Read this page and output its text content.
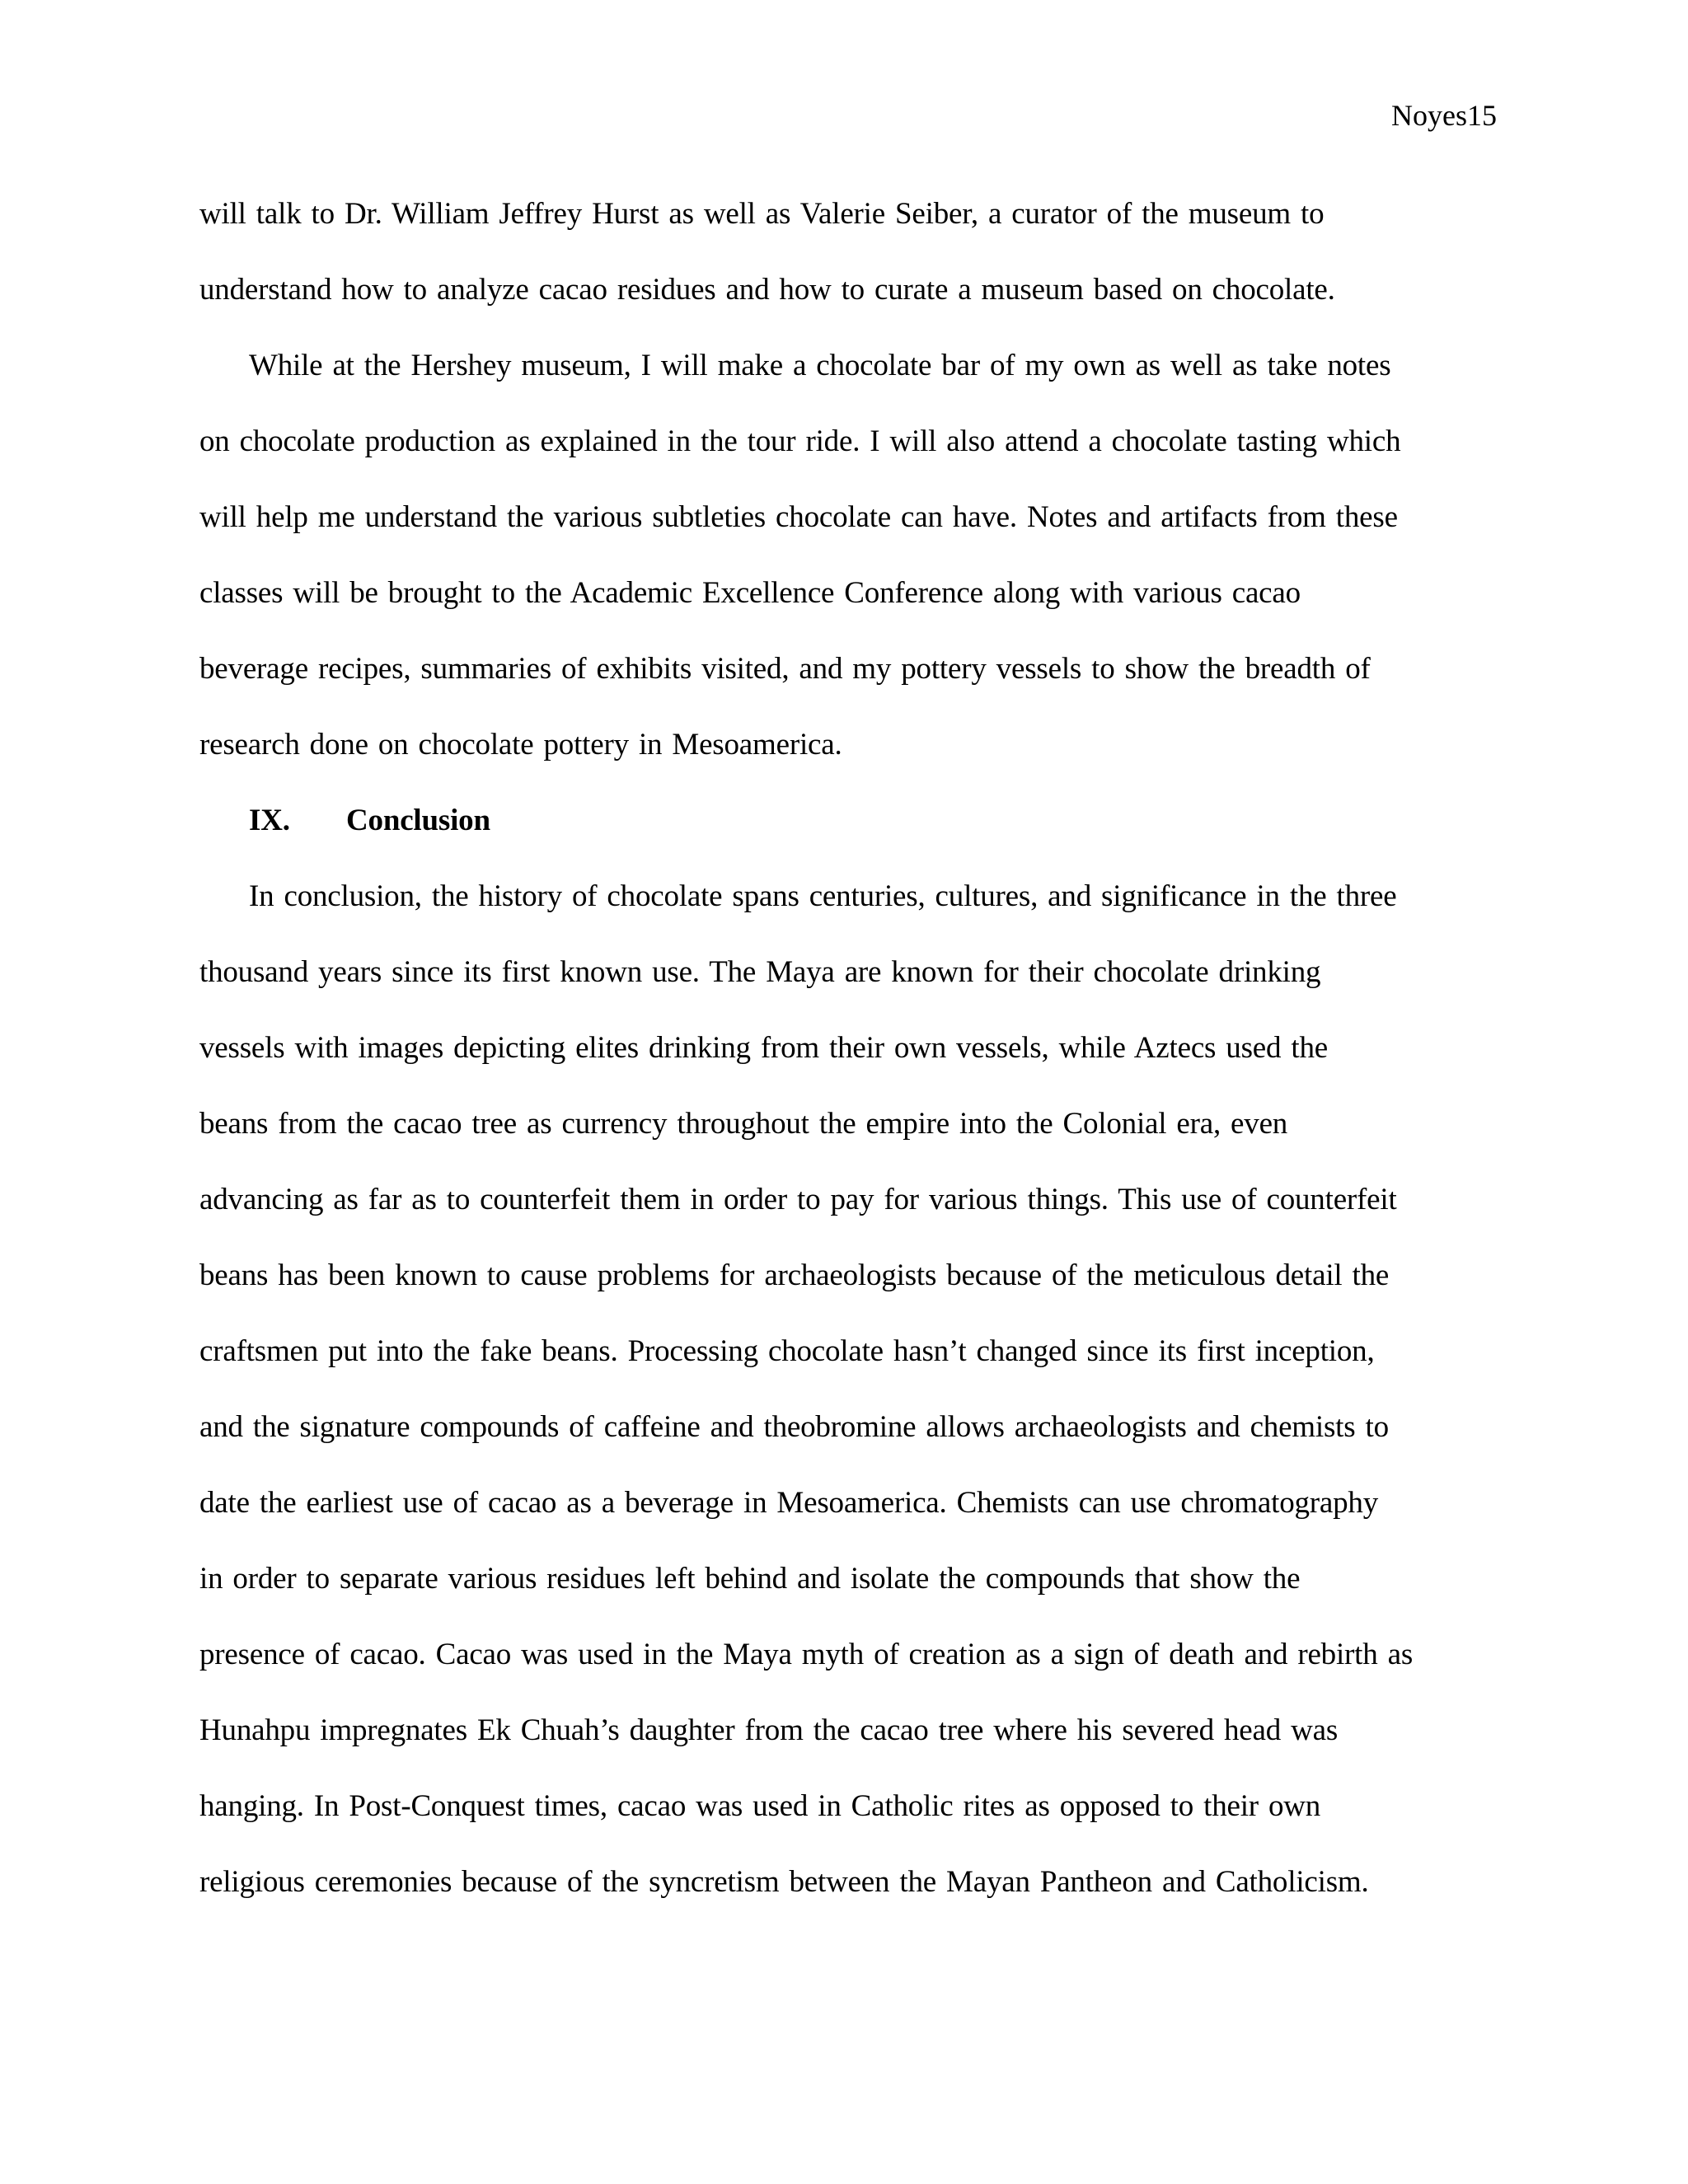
Noyes15
will talk to Dr. William Jeffrey Hurst as well as Valerie Seiber, a curator of the museum to
understand how to analyze cacao residues and how to curate a museum based on chocolate.
While at the Hershey museum, I will make a chocolate bar of my own as well as take notes
on chocolate production as explained in the tour ride. I will also attend a chocolate tasting which
will help me understand the various subtleties chocolate can have. Notes and artifacts from these
classes will be brought to the Academic Excellence Conference along with various cacao
beverage recipes, summaries of exhibits visited, and my pottery vessels to show the breadth of
research done on chocolate pottery in Mesoamerica.
IX. Conclusion
In conclusion, the history of chocolate spans centuries, cultures, and significance in the three
thousand years since its first known use. The Maya are known for their chocolate drinking
vessels with images depicting elites drinking from their own vessels, while Aztecs used the
beans from the cacao tree as currency throughout the empire into the Colonial era, even
advancing as far as to counterfeit them in order to pay for various things. This use of counterfeit
beans has been known to cause problems for archaeologists because of the meticulous detail the
craftsmen put into the fake beans. Processing chocolate hasn’t changed since its first inception,
and the signature compounds of caffeine and theobromine allows archaeologists and chemists to
date the earliest use of cacao as a beverage in Mesoamerica. Chemists can use chromatography
in order to separate various residues left behind and isolate the compounds that show the
presence of cacao. Cacao was used in the Maya myth of creation as a sign of death and rebirth as
Hunahpu impregnates Ek Chuah’s daughter from the cacao tree where his severed head was
hanging. In Post-Conquest times, cacao was used in Catholic rites as opposed to their own
religious ceremonies because of the syncretism between the Mayan Pantheon and Catholicism.
